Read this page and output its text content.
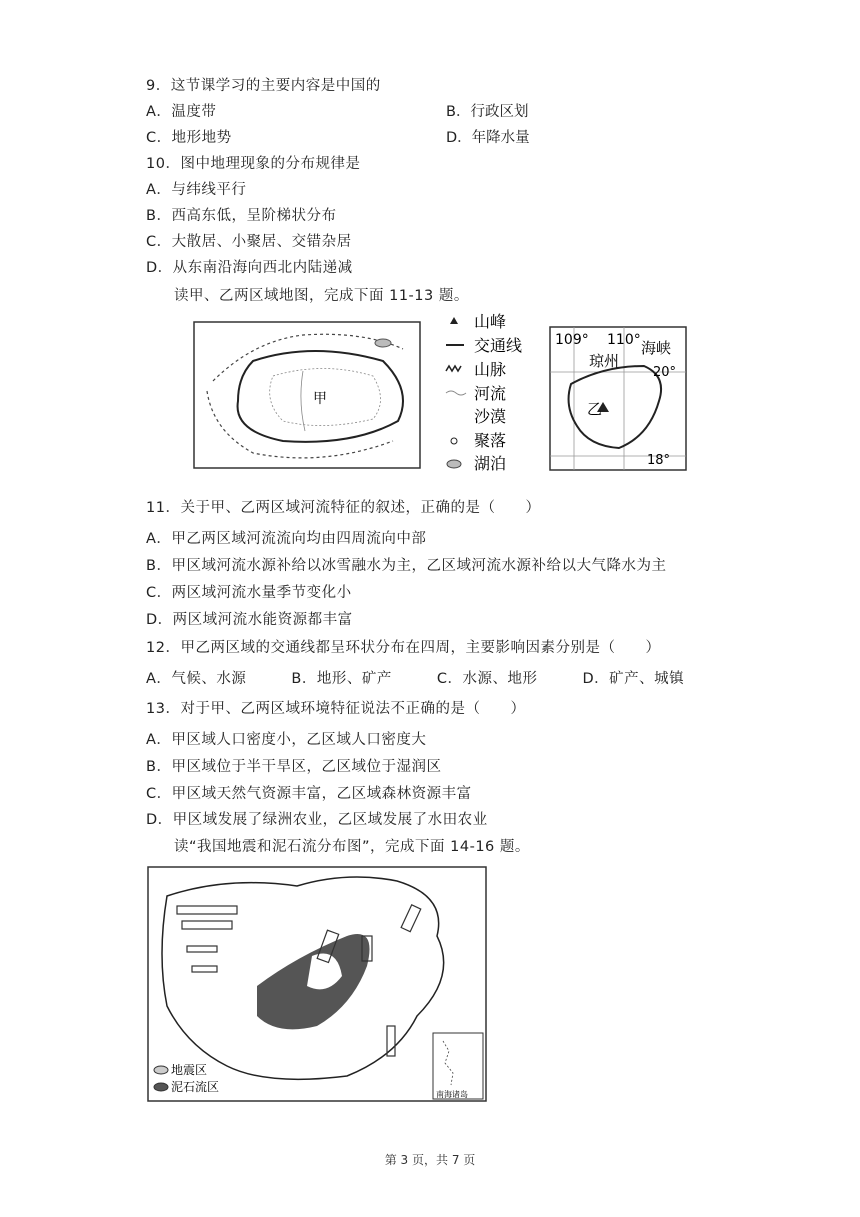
9．这节课学习的主要内容是中国的
A．温度带	B．行政区划
C．地形地势	D．年降水量
10．图中地理现象的分布规律是
A．与纬线平行
B．西高东低，呈阶梯状分布
C．大散居、小聚居、交错杂居
D．从东南沿海向西北内陆递减
读甲、乙两区域地图，完成下面 11-13 题。
甲
山峰
交通线
山脉
河流
沙漠
聚落
湖泊
乙
109° 110°
琼州
海峡
20°
18°
11．关于甲、乙两区域河流特征的叙述，正确的是（　　）
A．甲乙两区域河流流向均由四周流向中部
B．甲区域河流水源补给以冰雪融水为主，乙区域河流水源补给以大气降水为主
C．两区域河流水量季节变化小
D．两区域河流水能资源都丰富
12．甲乙两区域的交通线都呈环状分布在四周，主要影响因素分别是（　　）
A．气候、水源　　　B．地形、矿产　　　C．水源、地形　　　D．矿产、城镇
13．对于甲、乙两区域环境特征说法不正确的是（　　）
A．甲区域人口密度小，乙区域人口密度大
B．甲区域位于半干旱区，乙区域位于湿润区
C．甲区域天然气资源丰富，乙区域森林资源丰富
D．甲区域发展了绿洲农业，乙区域发展了水田农业
读“我国地震和泥石流分布图”，完成下面 14-16 题。
地震区
泥石流区
南海诸岛
第 3 页，共 7 页
